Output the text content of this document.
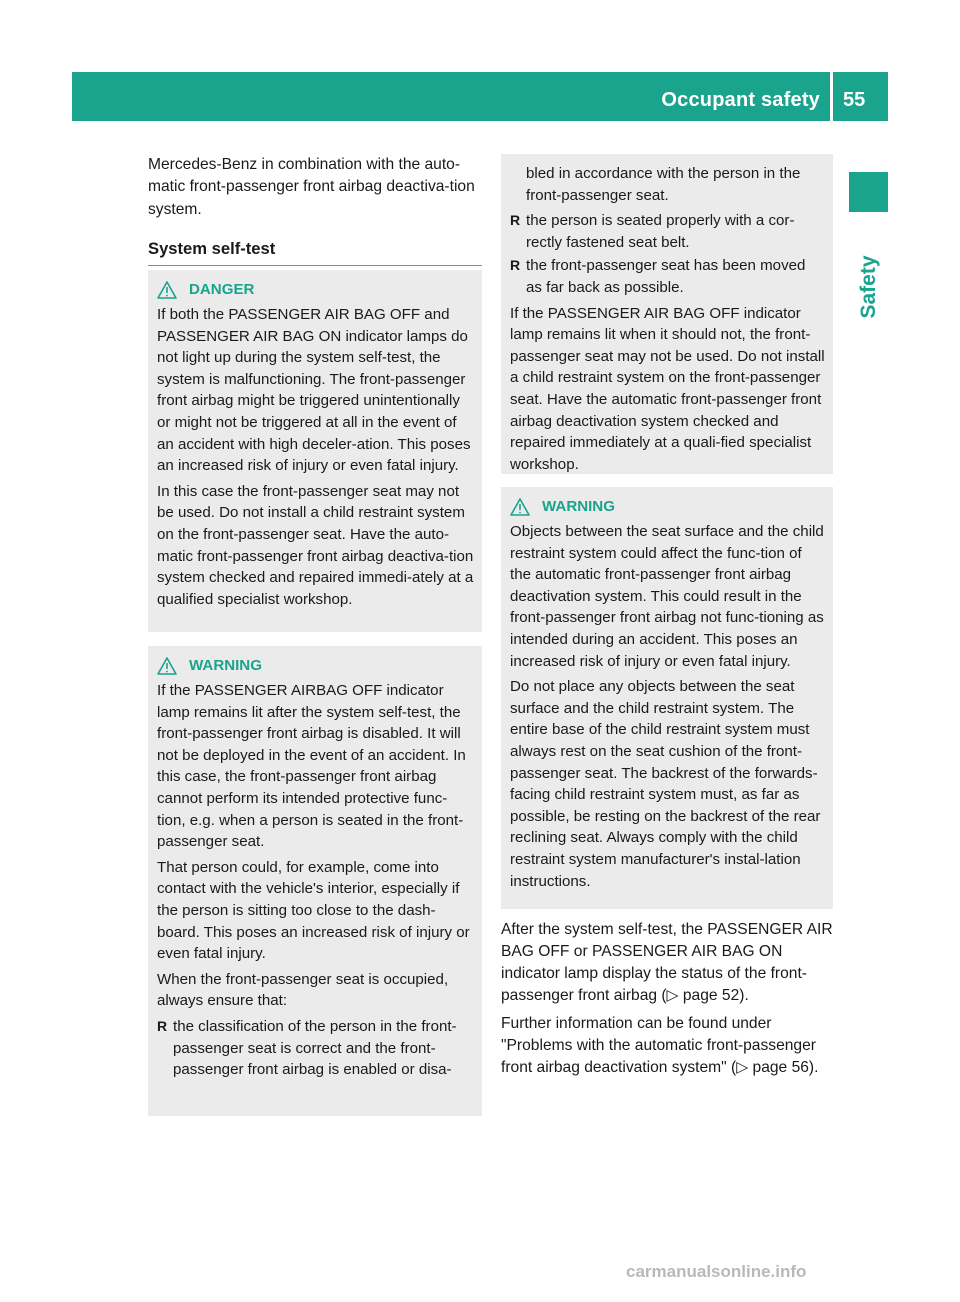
Occupant safety 55
Safety

Mercedes-Benz in combination with the auto-matic front-passenger front airbag deactiva-tion system.

System self-test
DANGER

If both the PASSENGER AIR BAG OFF and PASSENGER AIR BAG ON indicator lamps do not light up during the system self-test, the system is malfunctioning. The front-passenger front airbag might be triggered unintentionally or might not be triggered at all in the event of an accident with high deceler-ation. This poses an increased risk of injury or even fatal injury.

In this case the front-passenger seat may not be used. Do not install a child restraint system on the front-passenger seat. Have the auto-matic front-passenger front airbag deactiva-tion system checked and repaired immedi-ately at a qualified specialist workshop.

WARNING

If the PASSENGER AIRBAG OFF indicator lamp remains lit after the system self-test, the front-passenger front airbag is disabled. It will not be deployed in the event of an accident. In this case, the front-passenger front airbag cannot perform its intended protective func-tion, e.g. when a person is seated in the front-passenger seat.

That person could, for example, come into contact with the vehicle's interior, especially if the person is sitting too close to the dash-board. This poses an increased risk of injury or even fatal injury.

When the front-passenger seat is occupied, always ensure that:

R the classification of the person in the front-passenger seat is correct and the front-passenger front airbag is enabled or disa-

bled in accordance with the person in the front-passenger seat.

R the person is seated properly with a cor-rectly fastened seat belt.
R the front-passenger seat has been moved as far back as possible.

If the PASSENGER AIR BAG OFF indicator lamp remains lit when it should not, the front-passenger seat may not be used. Do not install a child restraint system on the front-passenger seat. Have the automatic front-passenger front airbag deactivation system checked and repaired immediately at a quali-fied specialist workshop.

WARNING

Objects between the seat surface and the child restraint system could affect the func-tion of the automatic front-passenger front airbag deactivation system. This could result in the front-passenger front airbag not func-tioning as intended during an accident. This poses an increased risk of injury or even fatal injury.

Do not place any objects between the seat surface and the child restraint system. The entire base of the child restraint system must always rest on the seat cushion of the front-passenger seat. The backrest of the forwards-facing child restraint system must, as far as possible, be resting on the backrest of the rear reclining seat. Always comply with the child restraint system manufacturer's instal-lation instructions.

After the system self-test, the PASSENGER AIR BAG OFF or PASSENGER AIR BAG ON indicator lamp display the status of the front-passenger front airbag (▷ page 52).

Further information can be found under "Problems with the automatic front-passenger front airbag deactivation system" (▷ page 56).

carmanualsonline.info
